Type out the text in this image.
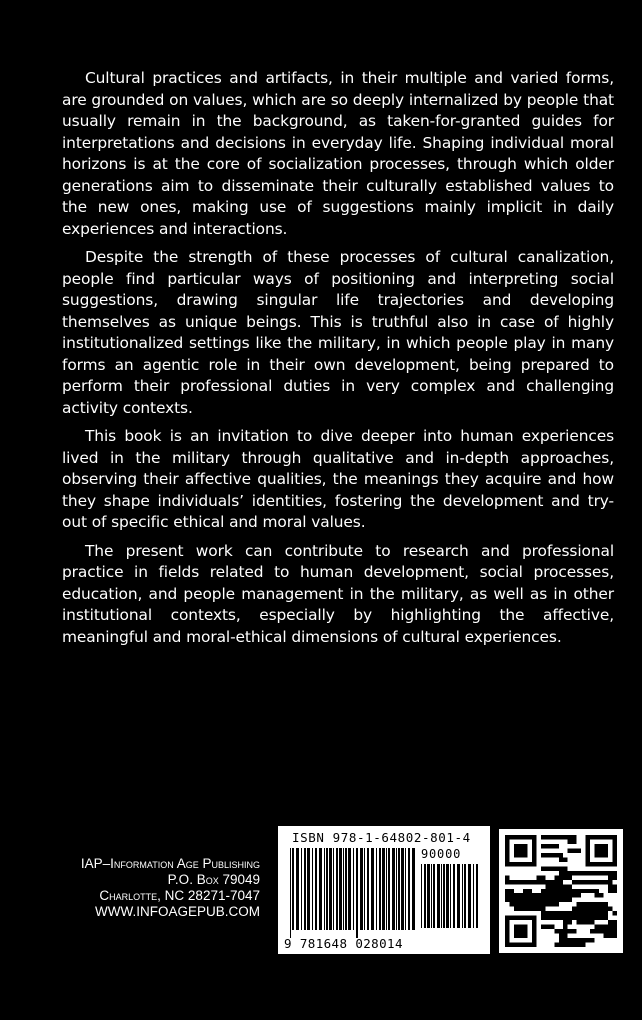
Cultural practices and artifacts, in their multiple and varied forms, are grounded on values, which are so deeply internalized by people that usually remain in the background, as taken-for-granted guides for interpretations and decisions in everyday life. Shaping individual moral horizons is at the core of socialization processes, through which older generations aim to disseminate their culturally established values to the new ones, making use of suggestions mainly implicit in daily experiences and interactions.

Despite the strength of these processes of cultural canalization, people find particular ways of positioning and interpreting social suggestions, drawing singular life trajectories and developing themselves as unique beings. This is truthful also in case of highly institutionalized settings like the military, in which people play in many forms an agentic role in their own development, being prepared to perform their professional duties in very complex and challenging activity contexts.

This book is an invitation to dive deeper into human experiences lived in the military through qualitative and in-depth approaches, observing their affective qualities, the meanings they acquire and how they shape individuals’ identities, fostering the development and try-out of specific ethical and moral values.

The present work can contribute to research and professional practice in fields related to human development, social processes, education, and people management in the military, as well as in other institutional contexts, especially by highlighting the affective, meaningful and moral-ethical dimensions of cultural experiences.

IAP–Information Age Publishing
P.O. Box 79049
Charlotte, NC 28271-7047
WWW.INFOAGEPUB.COM
ISBN 978-1-64802-801-4
90000
9 781648 028014
